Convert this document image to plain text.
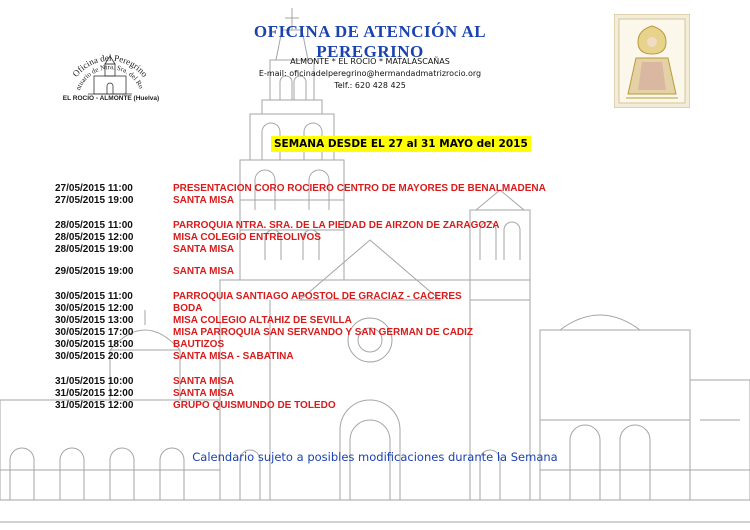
Oficina del Peregrino
ntuario de Ntra. Sra. del Ro
EL ROCIO - ALMONTE (Huelva)
OFICINA DE ATENCIÓN AL PEREGRINO
ALMONTE * EL ROCIO * MATALASCAÑAS
E-mail: oficinadelperegrino@hermandadmatrizrocio.org
Telf.: 620 428 425
SEMANA DESDE EL 27 al 31 MAYO del 2015
27/05/2015 11:00	PRESENTACION CORO ROCIERO CENTRO DE MAYORES DE BENALMADENA
27/05/2015 19:00	SANTA MISA
28/05/2015 11:00	PARROQUIA NTRA. SRA. DE LA PIEDAD DE AIRZON DE ZARAGOZA
28/05/2015 12:00	MISA COLEGIO ENTREOLIVOS
28/05/2015 19:00	SANTA MISA
29/05/2015 19:00	SANTA MISA
30/05/2015 11:00	PARROQUIA SANTIAGO APOSTOL DE GRACIAZ - CACERES
30/05/2015 12:00	BODA
30/05/2015 13:00	MISA COLEGIO ALTAHIZ DE SEVILLA
30/05/2015 17:00	MISA PARROQUIA SAN SERVANDO Y SAN GERMAN DE CADIZ
30/05/2015 18:00	BAUTIZOS
30/05/2015 20:00	SANTA MISA - SABATINA
31/05/2015 10:00	SANTA MISA
31/05/2015 12:00	SANTA MISA
31/05/2015 12:00	GRUPO QUISMUNDO DE TOLEDO
Calendario sujeto a posibles modificaciones durante la Semana
